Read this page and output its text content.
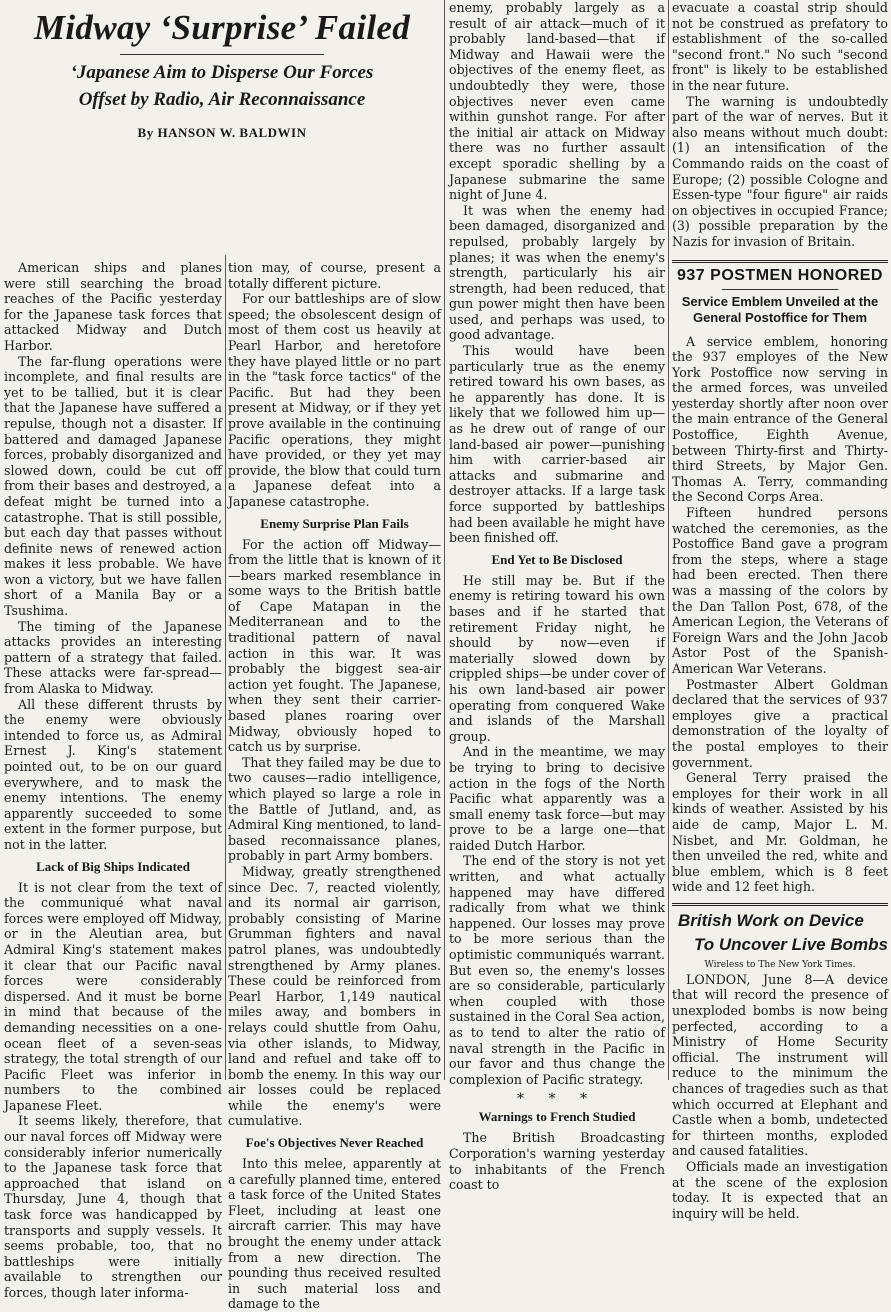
Midway ‘Surprise’ Failed
‘Japanese Aim to Disperse Our Forces
Offset by Radio, Air Reconnaissance
By HANSON W. BALDWIN

American ships and planes were still searching the broad reaches of the Pacific yesterday for the Japanese task forces that attacked Midway and Dutch Harbor.

The far-flung operations were incomplete, and final results are yet to be tallied, but it is clear that the Japanese have suffered a repulse, though not a disaster. If battered and damaged Japanese forces, probably disorganized and slowed down, could be cut off from their bases and destroyed, a defeat might be turned into a catastrophe. That is still possible, but each day that passes without definite news of renewed action makes it less probable. We have won a victory, but we have fallen short of a Manila Bay or a Tsushima.

The timing of the Japanese attacks provides an interesting pattern of a strategy that failed. These attacks were far-spread—from Alaska to Midway.

All these different thrusts by the enemy were obviously intended to force us, as Admiral Ernest J. King's statement pointed out, to be on our guard everywhere, and to mask the enemy intentions. The enemy apparently succeeded to some extent in the former purpose, but not in the latter.

Lack of Big Ships Indicated

It is not clear from the text of the communiqué what naval forces were employed off Midway, or in the Aleutian area, but Admiral King's statement makes it clear that our Pacific naval forces were considerably dispersed. And it must be borne in mind that because of the demanding necessities on a one-ocean fleet of a seven-seas strategy, the total strength of our Pacific Fleet was inferior in numbers to the combined Japanese Fleet.

It seems likely, therefore, that our naval forces off Midway were considerably inferior numerically to the Japanese task force that approached that island on Thursday, June 4, though that task force was handicapped by transports and supply vessels. It seems probable, too, that no battleships were initially available to strengthen our forces, though later informa-

tion may, of course, present a totally different picture.

For our battleships are of slow speed; the obsolescent design of most of them cost us heavily at Pearl Harbor, and heretofore they have played little or no part in the "task force tactics" of the Pacific. But had they been present at Midway, or if they yet prove available in the continuing Pacific operations, they might have provided, or they yet may provide, the blow that could turn a Japanese defeat into a Japanese catastrophe.

Enemy Surprise Plan Fails

For the action off Midway—from the little that is known of it—bears marked resemblance in some ways to the British battle of Cape Matapan in the Mediterranean and to the traditional pattern of naval action in this war. It was probably the biggest sea-air action yet fought. The Japanese, when they sent their carrier-based planes roaring over Midway, obviously hoped to catch us by surprise.

That they failed may be due to two causes—radio intelligence, which played so large a role in the Battle of Jutland, and, as Admiral King mentioned, to land-based reconnaissance planes, probably in part Army bombers.

Midway, greatly strengthened since Dec. 7, reacted violently, and its normal air garrison, probably consisting of Marine Grumman fighters and naval patrol planes, was undoubtedly strengthened by Army planes. These could be reinforced from Pearl Harbor, 1,149 nautical miles away, and bombers in relays could shuttle from Oahu, via other islands, to Midway, land and refuel and take off to bomb the enemy. In this way our air losses could be replaced while the enemy's were cumulative.

Foe's Objectives Never Reached

Into this melee, apparently at a carefully planned time, entered a task force of the United States Fleet, including at least one aircraft carrier. This may have brought the enemy under attack from a new direction. The pounding thus received resulted in such material loss and damage to the

enemy, probably largely as a result of air attack—much of it probably land-based—that if Midway and Hawaii were the objectives of the enemy fleet, as undoubtedly they were, those objectives never even came within gunshot range. For after the initial air attack on Midway there was no further assault except sporadic shelling by a Japanese submarine the same night of June 4.

It was when the enemy had been damaged, disorganized and repulsed, probably largely by planes; it was when the enemy's strength, particularly his air strength, had been reduced, that gun power might then have been used, and perhaps was used, to good advantage.

This would have been particularly true as the enemy retired toward his own bases, as he apparently has done. It is likely that we followed him up—as he drew out of range of our land-based air power—punishing him with carrier-based air attacks and submarine and destroyer attacks. If a large task force supported by battleships had been available he might have been finished off.

End Yet to Be Disclosed

He still may be. But if the enemy is retiring toward his own bases and if he started that retirement Friday night, he should by now—even if materially slowed down by crippled ships—be under cover of his own land-based air power operating from conquered Wake and islands of the Marshall group.

And in the meantime, we may be trying to bring to decisive action in the fogs of the North Pacific what apparently was a small enemy task force—but may prove to be a large one—that raided Dutch Harbor.

The end of the story is not yet written, and what actually happened may have differed radically from what we think happened. Our losses may prove to be more serious than the optimistic communiqués warrant. But even so, the enemy's losses are so considerable, particularly when coupled with those sustained in the Coral Sea action, as to tend to alter the ratio of naval strength in the Pacific in our favor and thus change the complexion of Pacific strategy.

* * *
Warnings to French Studied

The British Broadcasting Corporation's warning yesterday to inhabitants of the French coast to

evacuate a coastal strip should not be construed as prefatory to establishment of the so-called "second front." No such "second front" is likely to be established in the near future.

The warning is undoubtedly part of the war of nerves. But it also means without much doubt: (1) an intensification of the Commando raids on the coast of Europe; (2) possible Cologne and Essen-type "four figure" air raids on objectives in occupied France; (3) possible preparation by the Nazis for invasion of Britain.

937 POSTMEN HONORED
Service Emblem Unveiled at the
General Postoffice for Them

A service emblem, honoring the 937 employes of the New York Postoffice now serving in the armed forces, was unveiled yesterday shortly after noon over the main entrance of the General Postoffice, Eighth Avenue, between Thirty-first and Thirty-third Streets, by Major Gen. Thomas A. Terry, commanding the Second Corps Area.

Fifteen hundred persons watched the ceremonies, as the Postoffice Band gave a program from the steps, where a stage had been erected. Then there was a massing of the colors by the Dan Tallon Post, 678, of the American Legion, the Veterans of Foreign Wars and the John Jacob Astor Post of the Spanish-American War Veterans.

Postmaster Albert Goldman declared that the services of 937 employes give a practical demonstration of the loyalty of the postal employes to their government.

General Terry praised the employes for their work in all kinds of weather. Assisted by his aide de camp, Major L. M. Nisbet, and Mr. Goldman, he then unveiled the red, white and blue emblem, which is 8 feet wide and 12 feet high.

British Work on Device
To Uncover Live Bombs
Wireless to The New York Times.

LONDON, June 8—A device that will record the presence of unexploded bombs is now being perfected, according to a Ministry of Home Security official. The instrument will reduce to the minimum the chances of tragedies such as that which occurred at Elephant and Castle when a bomb, undetected for thirteen months, exploded and caused fatalities.

Officials made an investigation at the scene of the explosion today. It is expected that an inquiry will be held.
